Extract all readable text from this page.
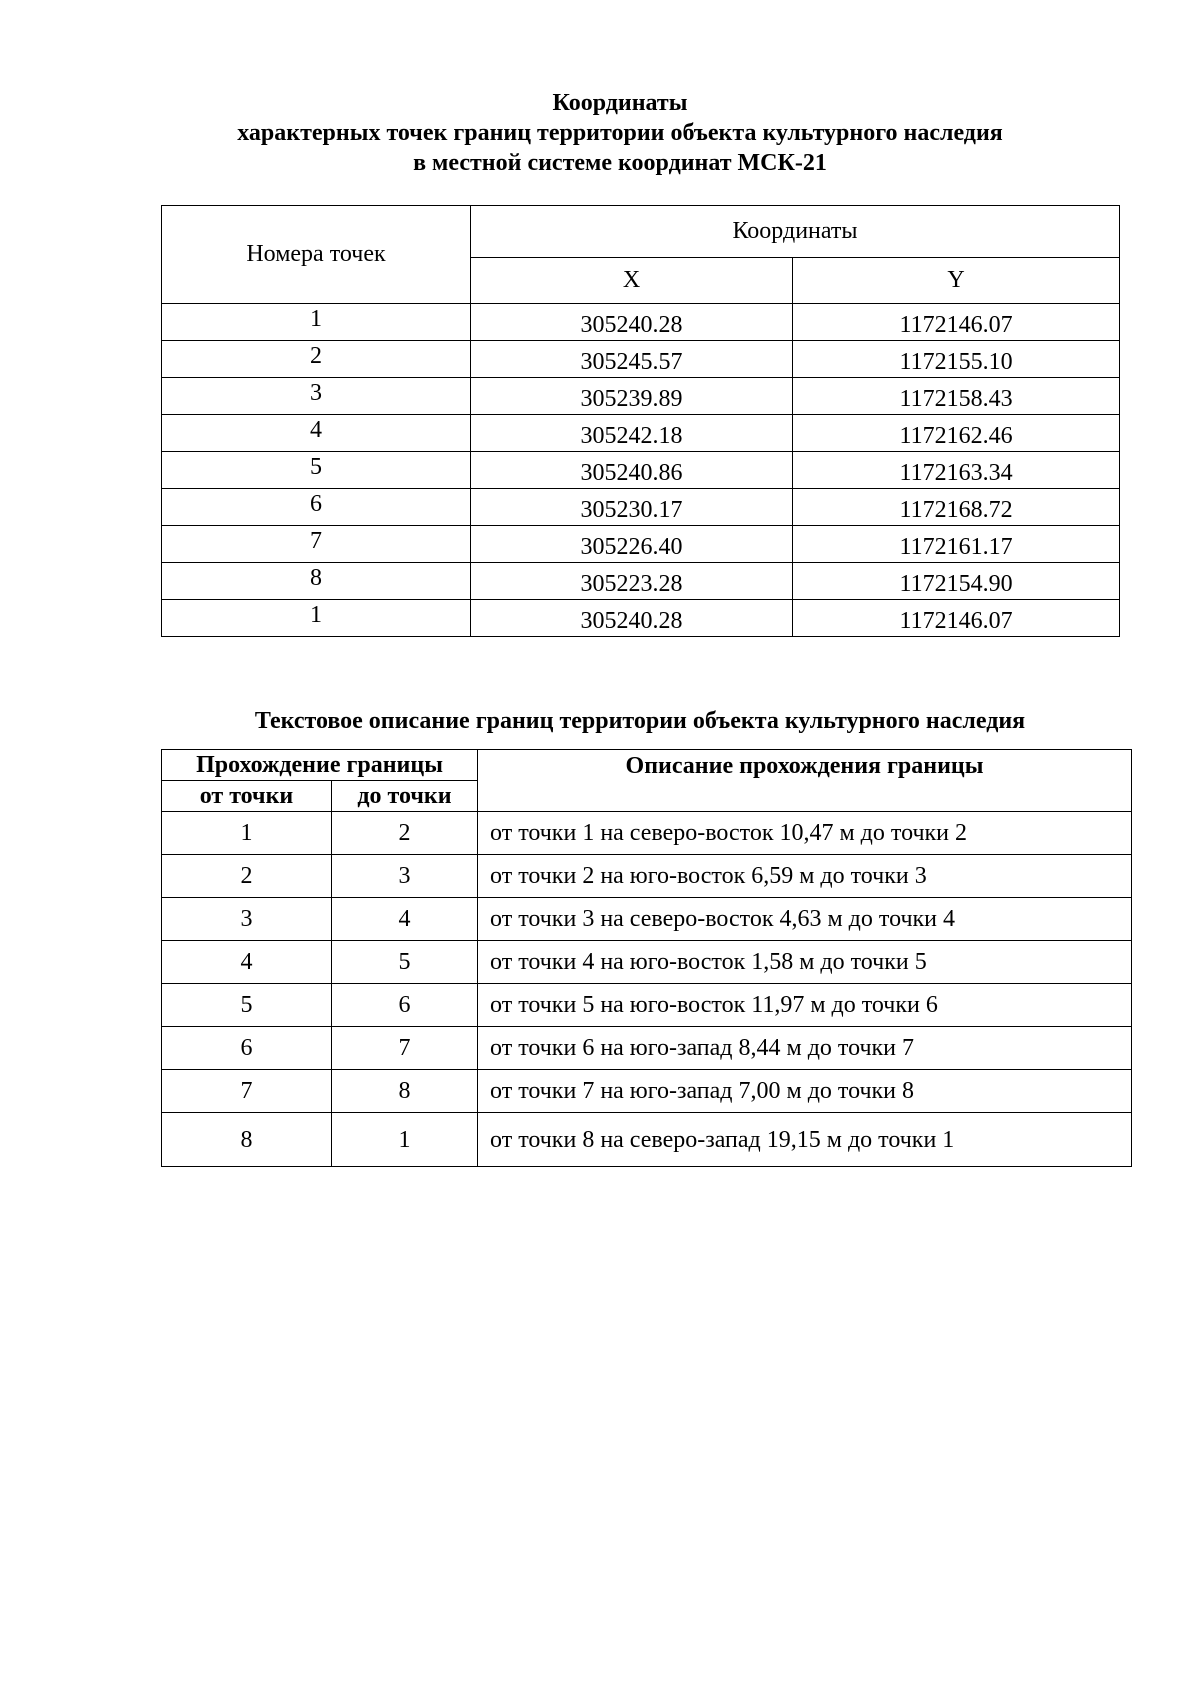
Координаты
характерных точек границ территории объекта культурного наследия
в местной системе координат МСК-21
Номера точек	Координаты	
	X	Y
1	305240.28	1172146.07
2	305245.57	1172155.10
3	305239.89	1172158.43
4	305242.18	1172162.46
5	305240.86	1172163.34
6	305230.17	1172168.72
7	305226.40	1172161.17
8	305223.28	1172154.90
1	305240.28	1172146.07
Текстовое описание границ территории объекта культурного наследия
Прохождение границы		Описание прохождения границы
от точки	до точки	
1	2	от точки 1 на северо-восток 10,47 м до точки 2
2	3	от точки 2 на юго-восток 6,59 м до точки 3
3	4	от точки 3 на северо-восток 4,63 м до точки 4
4	5	от точки 4 на юго-восток 1,58 м до точки 5
5	6	от точки 5 на юго-восток 11,97 м до точки 6
6	7	от точки 6 на юго-запад 8,44 м до точки 7
7	8	от точки 7 на юго-запад 7,00 м до точки 8
8	1	от точки 8 на северо-запад 19,15 м до точки 1
